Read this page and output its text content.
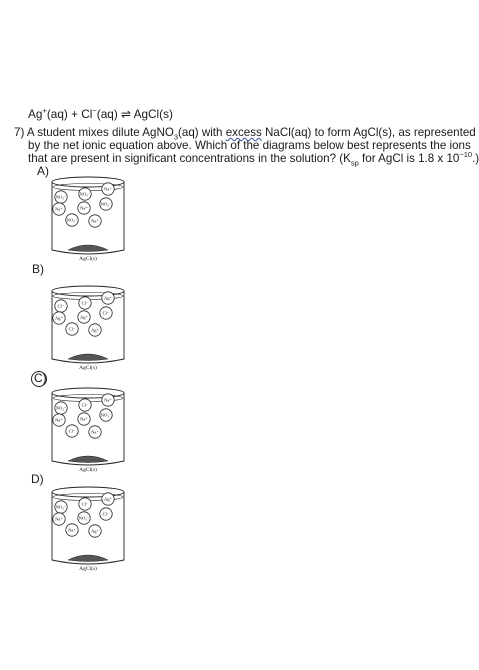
Ag+(aq) + Cl−(aq) ⇌ AgCl(s)
7) A student mixes dilute AgNO$_3$(aq) with excess NaCl(aq) to form AgCl(s), as represented
by the net ionic equation above. Which of the diagrams below best represents the ions
that are present in significant concentrations in the solution? ($K_{sp}$ for AgCl is 1.8 x $10^{-10}$.)
A)
B)
C)
D)
NO₃⁻
NO₃⁻
Na⁺
Na⁺	Na⁺
NO₃⁻
NO₃⁻	Na⁺
AgCl(s)
Cl⁻
Cl⁻
Ag⁺
Ag⁺	Ag⁺
Cl⁻
Cl⁻	Ag⁺
AgCl(s)
NO₃⁻
Cl⁻
Na⁺
Na⁺	Na⁺
NO₃⁻
Cl⁻	Na⁺
AgCl(s)
NO₃⁻
Cl⁻
Ag⁺
Na⁺	NO₃⁻
Cl⁻
Na⁺	Ag⁺
AgCl(s)
